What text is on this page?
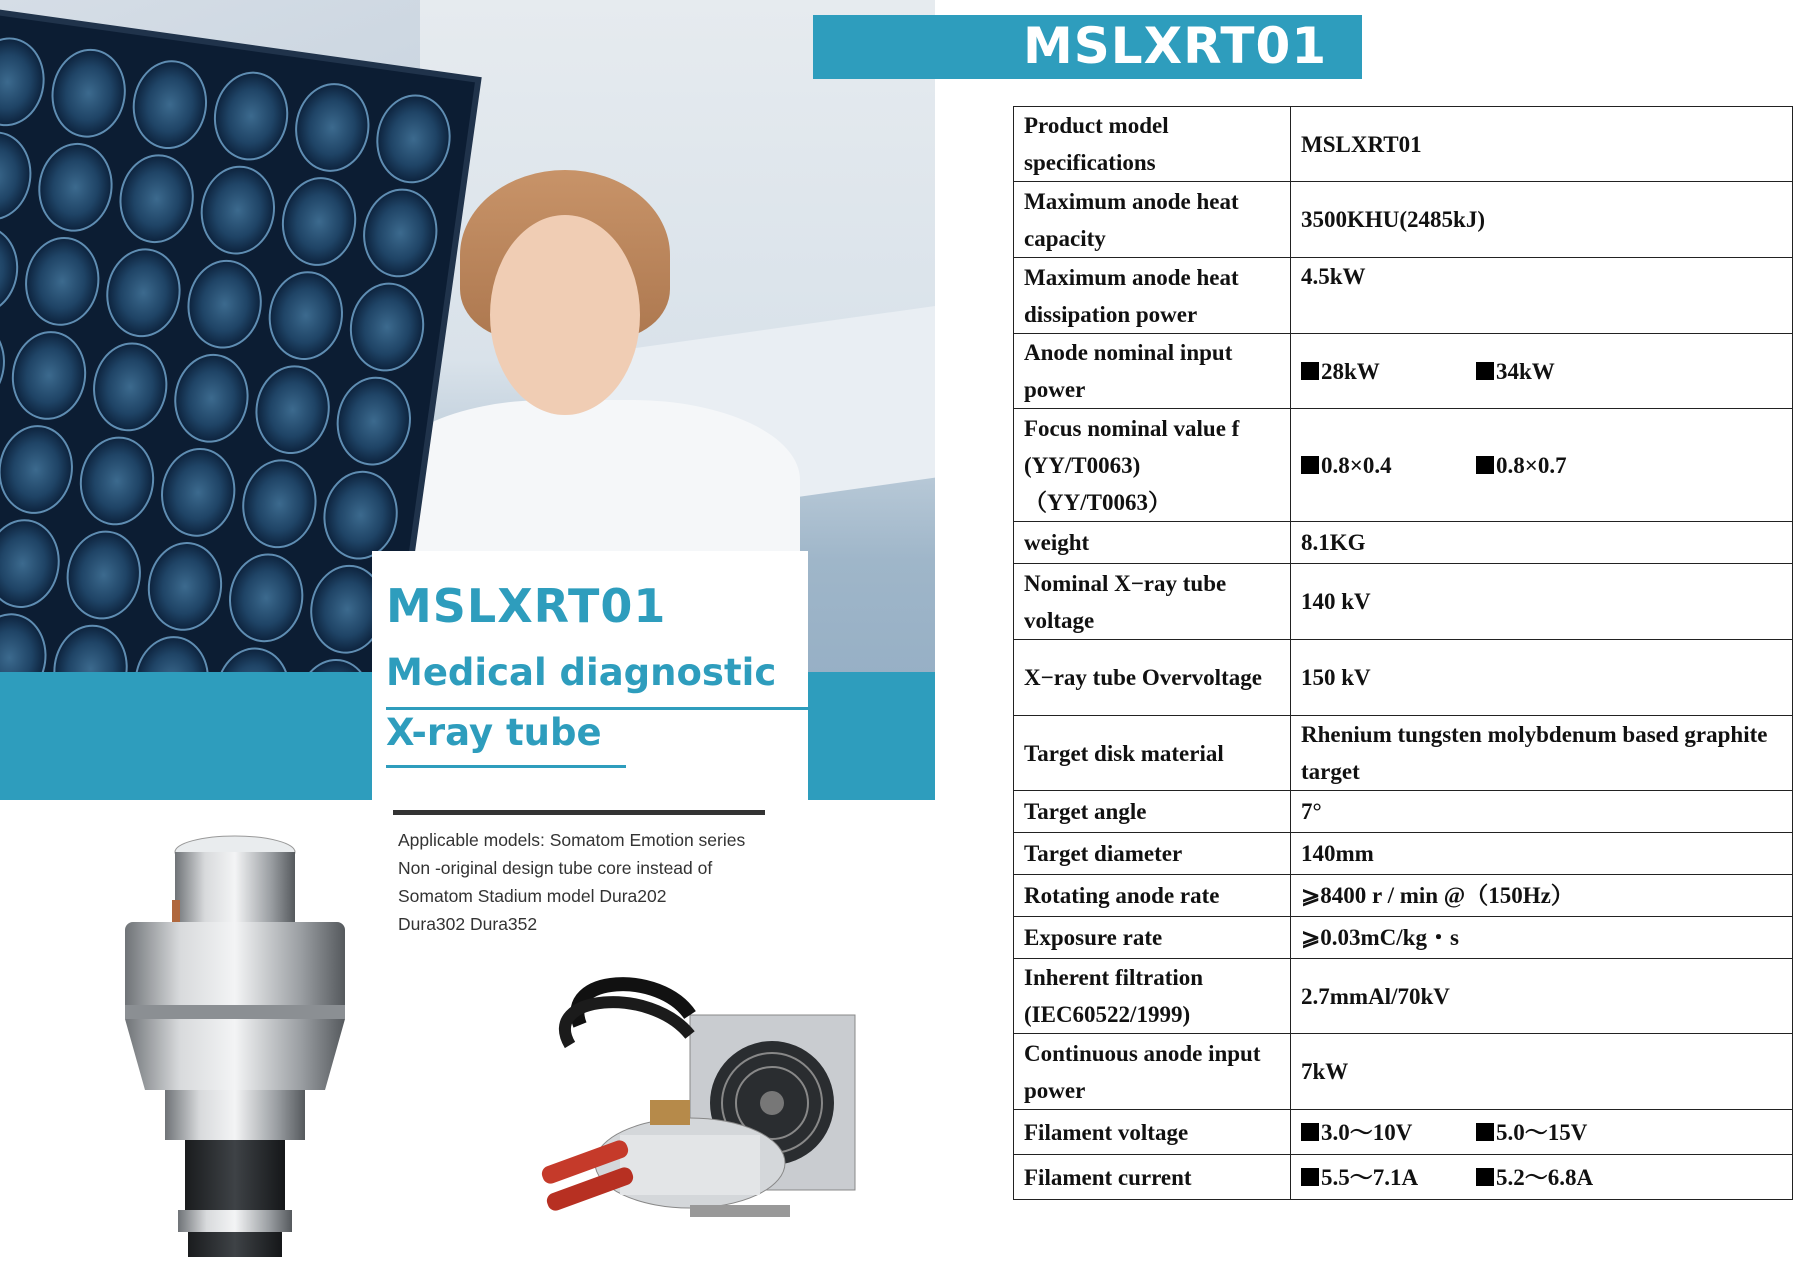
MSLXRT01
Medical diagnostic
X-ray tube
Applicable models: Somatom Emotion series
Non -original design tube core instead of
Somatom Stadium model Dura202
Dura302 Dura352
MSLXRT01
Product model specifications	MSLXRT01
Maximum anode heat capacity	3500KHU(2485kJ)
Maximum anode heat dissipation power	4.5kW
Anode nominal input power	28kW 34kW
Focus nominal value f (YY/T0063) （YY/T0063）	0.8×0.4 0.8×0.7
weight	8.1KG
Nominal X−ray tube voltage	140 kV
X−ray tube Overvoltage	150 kV
Target disk material	Rhenium tungsten molybdenum based graphite target
Target angle	7°
Target diameter	140mm
Rotating anode rate	⩾8400 r / min @（150Hz）
Exposure rate	⩾0.03mC/kg・s
Inherent filtration (IEC60522/1999)	2.7mmAl/70kV
Continuous anode input power	7kW
Filament voltage	3.0～10V 5.0～15V
Filament current	5.5～7.1A 5.2～6.8A
